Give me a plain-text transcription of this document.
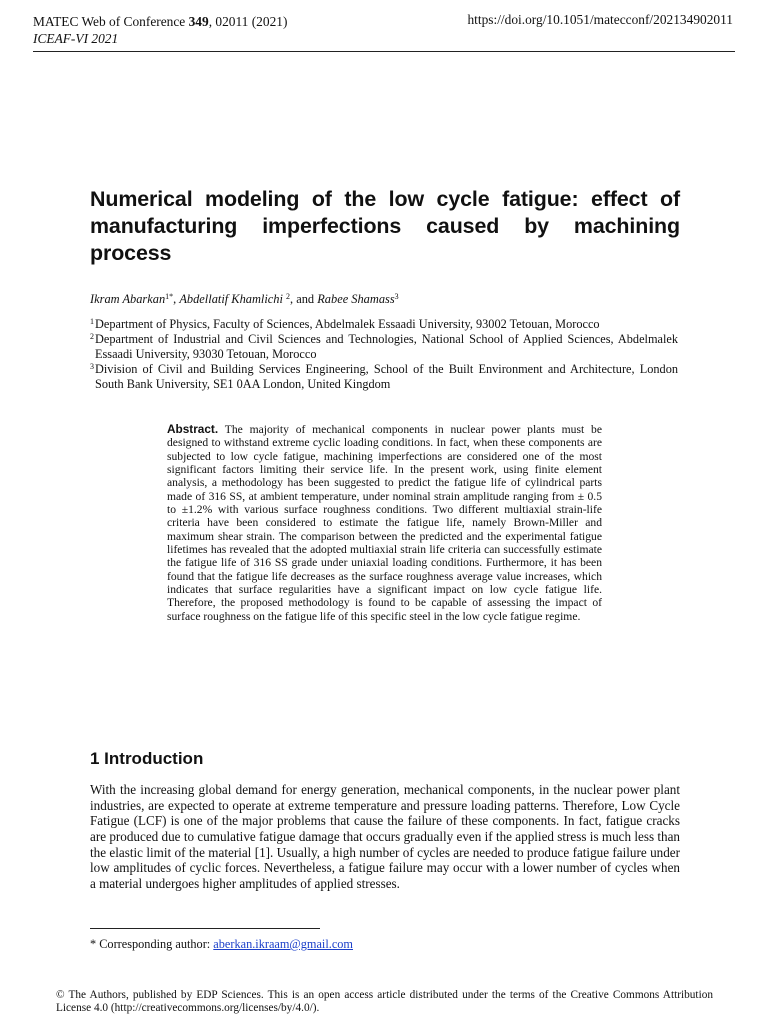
MATEC Web of Conference 349, 02011 (2021)
ICEAF-VI 2021
https://doi.org/10.1051/matecconf/202134902011
Numerical modeling of the low cycle fatigue: effect of manufacturing imperfections caused by machining process
Ikram Abarkan$^{1*}$, Abdellatif Khamlichi $^2$, and Rabee Shamass$^3$
1 Department of Physics, Faculty of Sciences, Abdelmalek Essaadi University, 93002 Tetouan, Morocco
2 Department of Industrial and Civil Sciences and Technologies, National School of Applied Sciences, Abdelmalek Essaadi University, 93030 Tetouan, Morocco
3 Division of Civil and Building Services Engineering, School of the Built Environment and Architecture, London South Bank University, SE1 0AA London, United Kingdom
Abstract. The majority of mechanical components in nuclear power plants must be designed to withstand extreme cyclic loading conditions. In fact, when these components are subjected to low cycle fatigue, machining imperfections are considered one of the most significant factors limiting their service life. In the present work, using finite element analysis, a methodology has been suggested to predict the fatigue life of cylindrical parts made of 316 SS, at ambient temperature, under nominal strain amplitude ranging from ± 0.5 to ±1.2% with various surface roughness conditions. Two different multiaxial strain-life criteria have been considered to estimate the fatigue life, namely Brown-Miller and maximum shear strain. The comparison between the predicted and the experimental fatigue lifetimes has revealed that the adopted multiaxial strain life criteria can successfully estimate the fatigue life of 316 SS grade under uniaxial loading conditions. Furthermore, it has been found that the fatigue life decreases as the surface roughness average value increases, which indicates that surface regularities have a significant impact on low cycle fatigue life. Therefore, the proposed methodology is found to be capable of assessing the impact of surface roughness on the fatigue life of this specific steel in the low cycle fatigue regime.
1 Introduction
With the increasing global demand for energy generation, mechanical components, in the nuclear power plant industries, are expected to operate at extreme temperature and pressure loading patterns. Therefore, Low Cycle Fatigue (LCF) is one of the major problems that cause the failure of these components. In fact, fatigue cracks are produced due to cumulative fatigue damage that occurs gradually even if the applied stress is much less than the elastic limit of the material [1]. Usually, a high number of cycles are needed to produce fatigue failure under low amplitudes of cyclic forces. Nevertheless, a fatigue failure may occur with a lower number of cycles when a material undergoes higher amplitudes of applied stresses.
* Corresponding author: aberkan.ikraam@gmail.com
© The Authors, published by EDP Sciences. This is an open access article distributed under the terms of the Creative Commons Attribution License 4.0 (http://creativecommons.org/licenses/by/4.0/).
